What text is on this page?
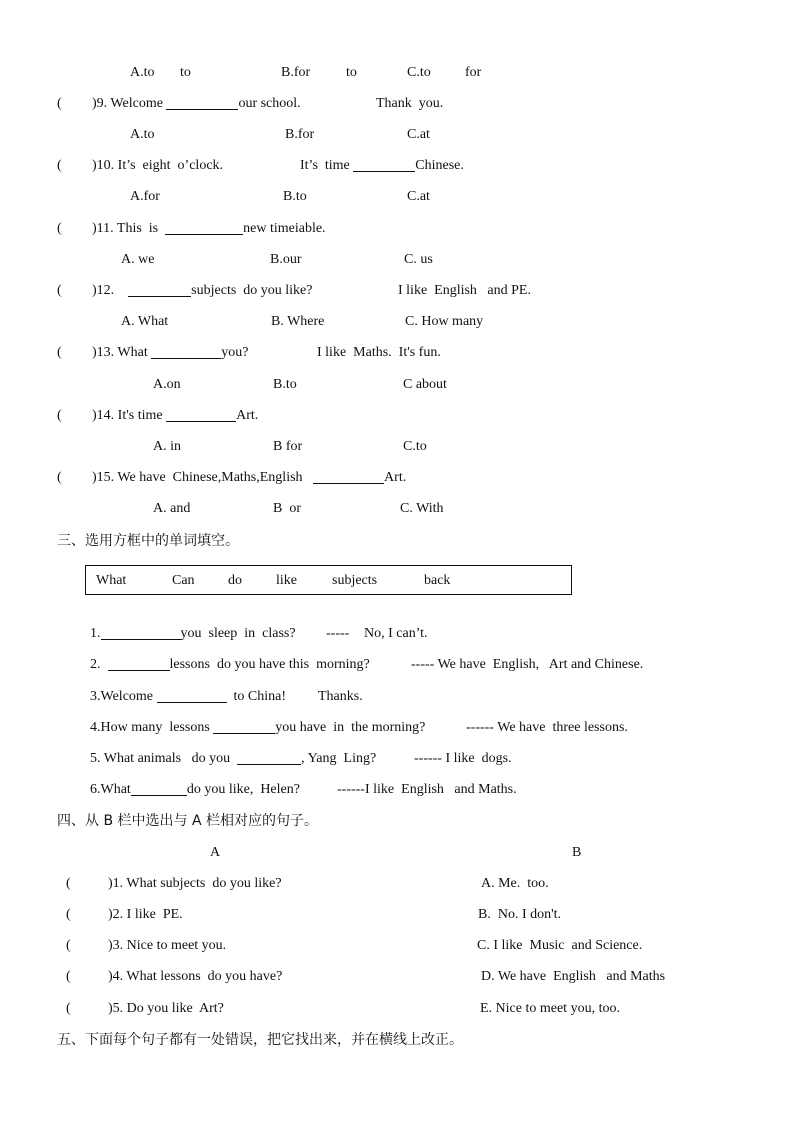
A.to to	B.for	to	C.to for
( )9. Welcome	our school.	Thank  you.
A.to	B.for	C.at
( )10. It’s  eight  o’clock.	It’s  time	Chinese.
A.for	B.to	C.at
( )11. This  is	new timeiable.
A. we	B.our	C. us
( )12.	subjects  do you like?	I like  English   and PE.
A. What	B. Where	C. How many
( )13. What	you?	I like  Maths.  It's fun.
A.on	B.to	C about
( )14. It's time	Art.
A. in	B for	C.to
( )15. We have  Chinese,Maths,English	Art.
A. and	B  or	C. With
三、选用方框中的单词填空。
What	Can do like	subjects	back
1.	you  sleep  in  class? ----- No, I can’t.
2.	lessons  do you have this  morning?	----- We have  English,   Art and Chinese.
3.Welcome	to China! Thanks.
4.How many  lessons	you have  in  the morning?	------ We have  three lessons.
5. What animals   do you	, Yang  Ling?	------ I like  dogs.
6.What	do you like,  Helen?	------I like  English   and Maths.
四、从 B 栏中选出与 A 栏相对应的句子。
A	B
(	)1. What subjects  do you like?	A. Me.  too.
(	)2. I like  PE.	B.  No. I don't.
(	)3. Nice to meet you.	C. I like  Music  and Science.
(	)4. What lessons  do you have?	D. We have  English   and Maths
(	)5. Do you like  Art?	E. Nice to meet you, too.
五、下面每个句子都有一处错误，把它找出来，并在横线上改正。
